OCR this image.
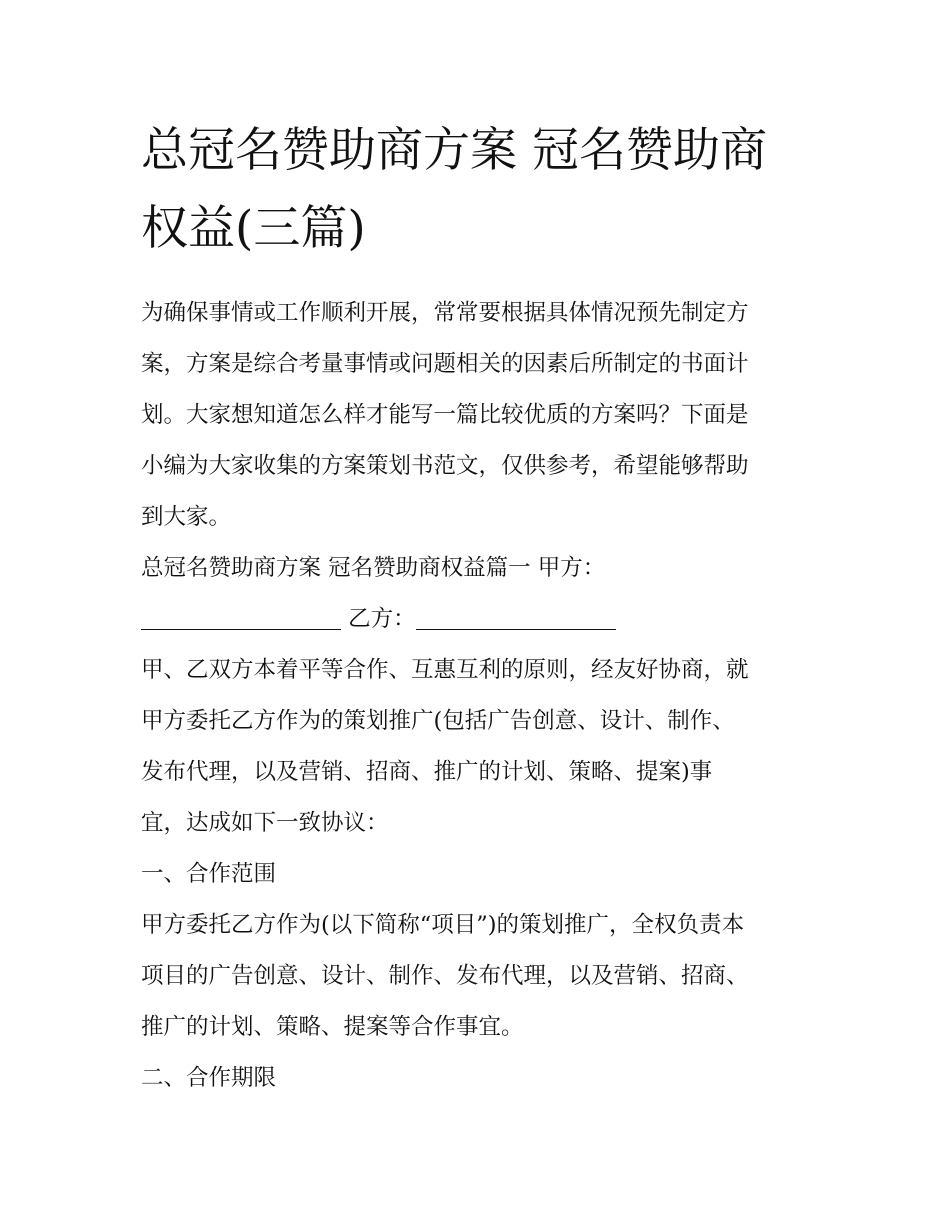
总冠名赞助商方案 冠名赞助商
权益(三篇)

为确保事情或工作顺利开展，常常要根据具体情况预先制定方
案，方案是综合考量事情或问题相关的因素后所制定的书面计
划。大家想知道怎么样才能写一篇比较优质的方案吗？下面是
小编为大家收集的方案策划书范文，仅供参考，希望能够帮助
到大家。

总冠名赞助商方案 冠名赞助商权益篇一 甲方：

乙方：

甲、乙双方本着平等合作、互惠互利的原则，经友好协商，就
甲方委托乙方作为的策划推广(包括广告创意、设计、制作、
发布代理，以及营销、招商、推广的计划、策略、提案)事
宜，达成如下一致协议：

一、合作范围

甲方委托乙方作为(以下简称“项目”)的策划推广，全权负责本
项目的广告创意、设计、制作、发布代理，以及营销、招商、
推广的计划、策略、提案等合作事宜。

二、合作期限
